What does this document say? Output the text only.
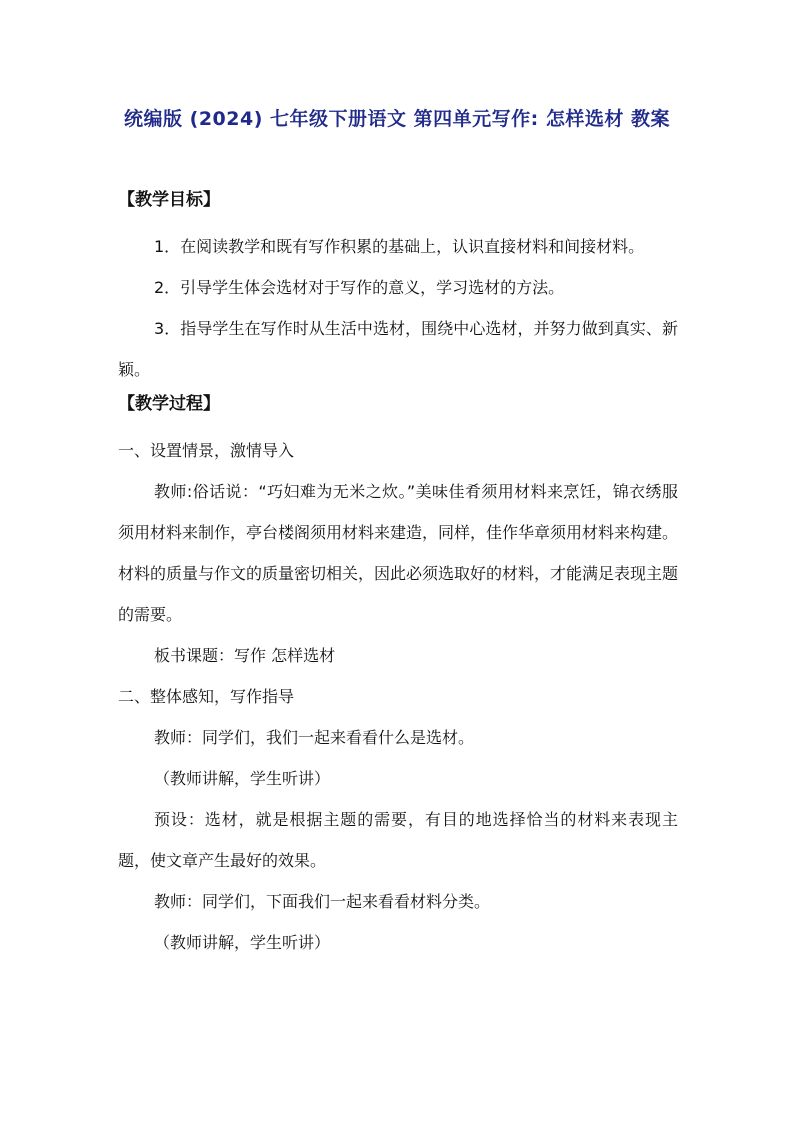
统编版 (2024) 七年级下册语文 第四单元写作: 怎样选材 教案
【教学目标】

1．在阅读教学和既有写作积累的基础上，认识直接材料和间接材料。

2．引导学生体会选材对于写作的意义，学习选材的方法。

3．指导学生在写作时从生活中选材，围绕中心选材，并努力做到真实、新颖。

【教学过程】
一、设置情景，激情导入

教师:俗话说：“巧妇难为无米之炊。”美味佳肴须用材料来烹饪，锦衣绣服须用材料来制作，亭台楼阁须用材料来建造，同样，佳作华章须用材料来构建。材料的质量与作文的质量密切相关，因此必须选取好的材料，才能满足表现主题的需要。

板书课题：写作 怎样选材
二、整体感知，写作指导
教师：同学们，我们一起来看看什么是选材。
（教师讲解，学生听讲）

预设：选材，就是根据主题的需要，有目的地选择恰当的材料来表现主题，使文章产生最好的效果。

教师：同学们，下面我们一起来看看材料分类。
（教师讲解，学生听讲）
